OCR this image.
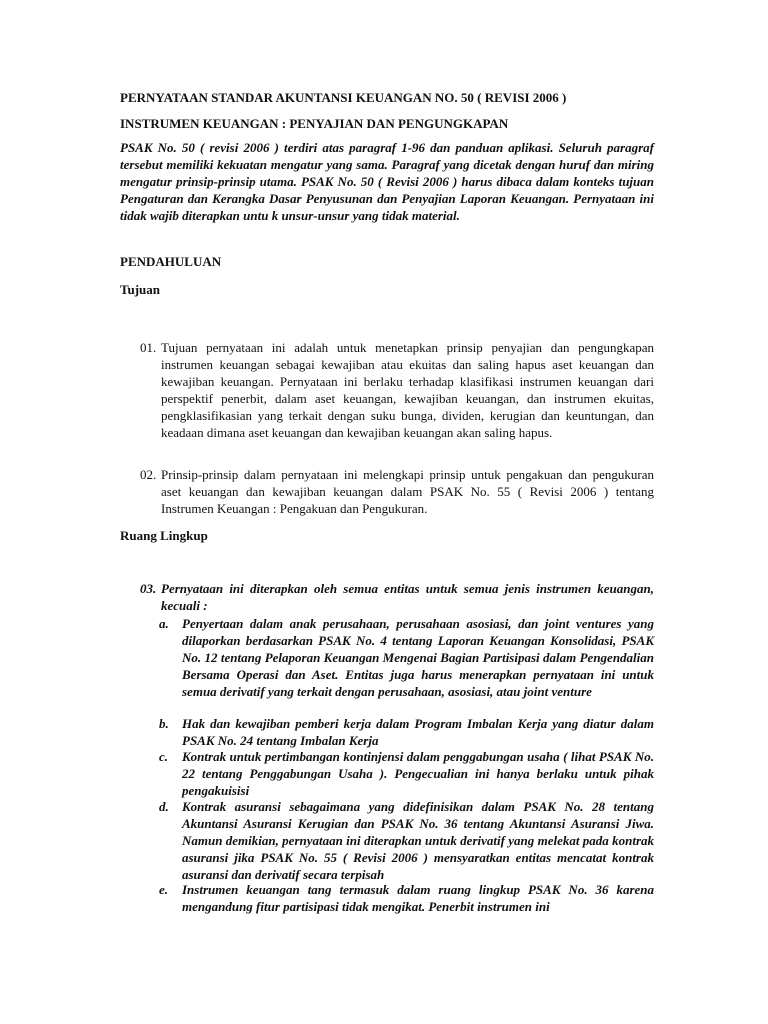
PERNYATAAN STANDAR AKUNTANSI KEUANGAN NO. 50 ( REVISI 2006 )
INSTRUMEN KEUANGAN : PENYAJIAN DAN PENGUNGKAPAN
PSAK No. 50 ( revisi 2006 ) terdiri atas paragraf 1-96 dan panduan aplikasi. Seluruh paragraf tersebut memiliki kekuatan mengatur yang sama. Paragraf yang dicetak dengan huruf dan miring mengatur prinsip-prinsip utama. PSAK No. 50 ( Revisi 2006 ) harus dibaca dalam konteks tujuan Pengaturan dan Kerangka Dasar Penyusunan dan Penyajian Laporan Keuangan. Pernyataan ini tidak wajib diterapkan untu k unsur-unsur yang tidak material.
PENDAHULUAN
Tujuan
01. Tujuan pernyataan ini adalah untuk menetapkan prinsip penyajian dan pengungkapan instrumen keuangan sebagai kewajiban atau ekuitas dan saling hapus aset keuangan dan kewajiban keuangan. Pernyataan ini berlaku terhadap klasifikasi instrumen keuangan dari perspektif penerbit, dalam aset keuangan, kewajiban keuangan, dan instrumen ekuitas, pengklasifikasian yang terkait dengan suku bunga, dividen, kerugian dan keuntungan, dan keadaan dimana aset keuangan dan kewajiban keuangan akan saling hapus.
02. Prinsip-prinsip dalam pernyataan ini melengkapi prinsip untuk pengakuan dan pengukuran aset keuangan dan kewajiban keuangan dalam PSAK No. 55 ( Revisi 2006 ) tentang Instrumen Keuangan : Pengakuan dan Pengukuran.
Ruang Lingkup
03. Pernyataan ini diterapkan oleh semua entitas untuk semua jenis instrumen keuangan, kecuali :
a.	Penyertaan dalam anak perusahaan, perusahaan asosiasi, dan joint ventures yang dilaporkan berdasarkan PSAK No. 4 tentang Laporan Keuangan Konsolidasi, PSAK No. 12 tentang Pelaporan Keuangan Mengenai Bagian Partisipasi dalam Pengendalian Bersama Operasi dan Aset. Entitas juga harus menerapkan pernyataan ini untuk semua derivatif yang terkait dengan perusahaan, asosiasi, atau joint venture
b.	Hak dan kewajiban pemberi kerja dalam Program Imbalan Kerja yang diatur dalam PSAK No. 24 tentang Imbalan Kerja
c.	Kontrak untuk pertimbangan kontinjensi dalam penggabungan usaha ( lihat PSAK No. 22 tentang Penggabungan Usaha ). Pengecualian ini hanya berlaku untuk pihak pengakuisisi
d.	Kontrak asuransi sebagaimana yang didefinisikan dalam PSAK No. 28 tentang Akuntansi Asuransi Kerugian dan PSAK No. 36 tentang Akuntansi Asuransi Jiwa. Namun demikian, pernyataan ini diterapkan untuk derivatif yang melekat pada kontrak asuransi jika PSAK No. 55 ( Revisi 2006 ) mensyaratkan entitas mencatat kontrak asuransi dan derivatif secara terpisah
e.	Instrumen keuangan tang termasuk dalam ruang lingkup PSAK No. 36 karena mengandung fitur partisipasi tidak mengikat. Penerbit instrumen ini
